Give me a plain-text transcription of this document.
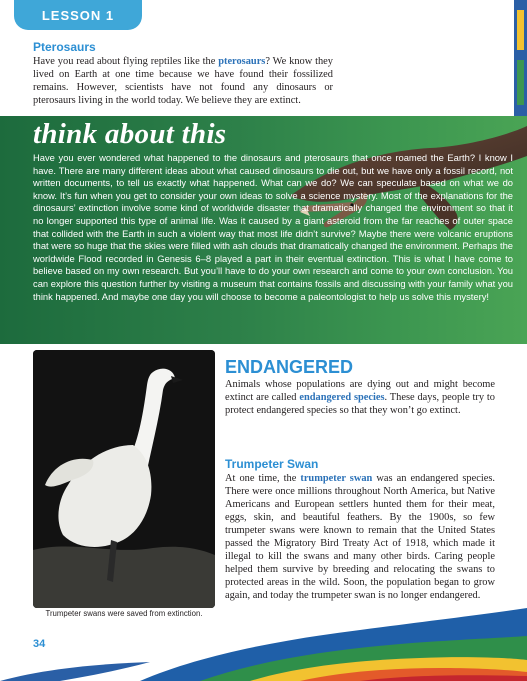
LESSON 1
Pterosaurs
Have you read about flying reptiles like the pterosaurs? We know they lived on Earth at one time because we have found their fossilized remains. However, scientists have not found any dinosaurs or pterosaurs living in the world today. We believe they are extinct.
think about this

Have you ever wondered what happened to the dinosaurs and pterosaurs that once roamed the Earth? I know I have. There are many different ideas about what caused dinosaurs to die out, but we have only a fossil record, not written documents, to tell us exactly what happened. What can we do? We can speculate based on what we do know. It’s fun when you get to consider your own ideas to solve a science mystery. Most of the explanations for the dinosaurs’ extinction involve some kind of worldwide disaster that dramatically changed the environment so that it no longer supported this type of animal life. Was it caused by a giant asteroid from the far reaches of outer space that collided with the Earth in such a violent way that most life didn’t survive? Maybe there were volcanic eruptions that were so huge that the skies were filled with ash clouds that dramatically changed the environment. Perhaps the worldwide Flood recorded in Genesis 6–8 played a part in their eventual extinction. This is what I have come to believe based on my own research. But you’ll have to do your own research and come to your own conclusion. You can explore this question further by visiting a museum that contains fossils and discussing with your family what you think happened. And maybe one day you will choose to become a paleontologist to help us solve this mystery!

Trumpeter swans were saved from extinction.
ENDANGERED
Animals whose populations are dying out and might become extinct are called endangered species. These days, people try to protect endangered species so that they won’t go extinct.
Trumpeter Swan
At one time, the trumpeter swan was an endangered species. There were once millions throughout North America, but Native Americans and European settlers hunted them for their meat, eggs, skin, and beautiful feathers. By the 1900s, so few trumpeter swans were known to remain that the United States passed the Migratory Bird Treaty Act of 1918, which made it illegal to kill the swans and many other birds. Caring people helped them survive by breeding and relocating the swans to protected areas in the wild. Soon, the population began to grow again, and today the trumpeter swan is no longer endangered.
34
